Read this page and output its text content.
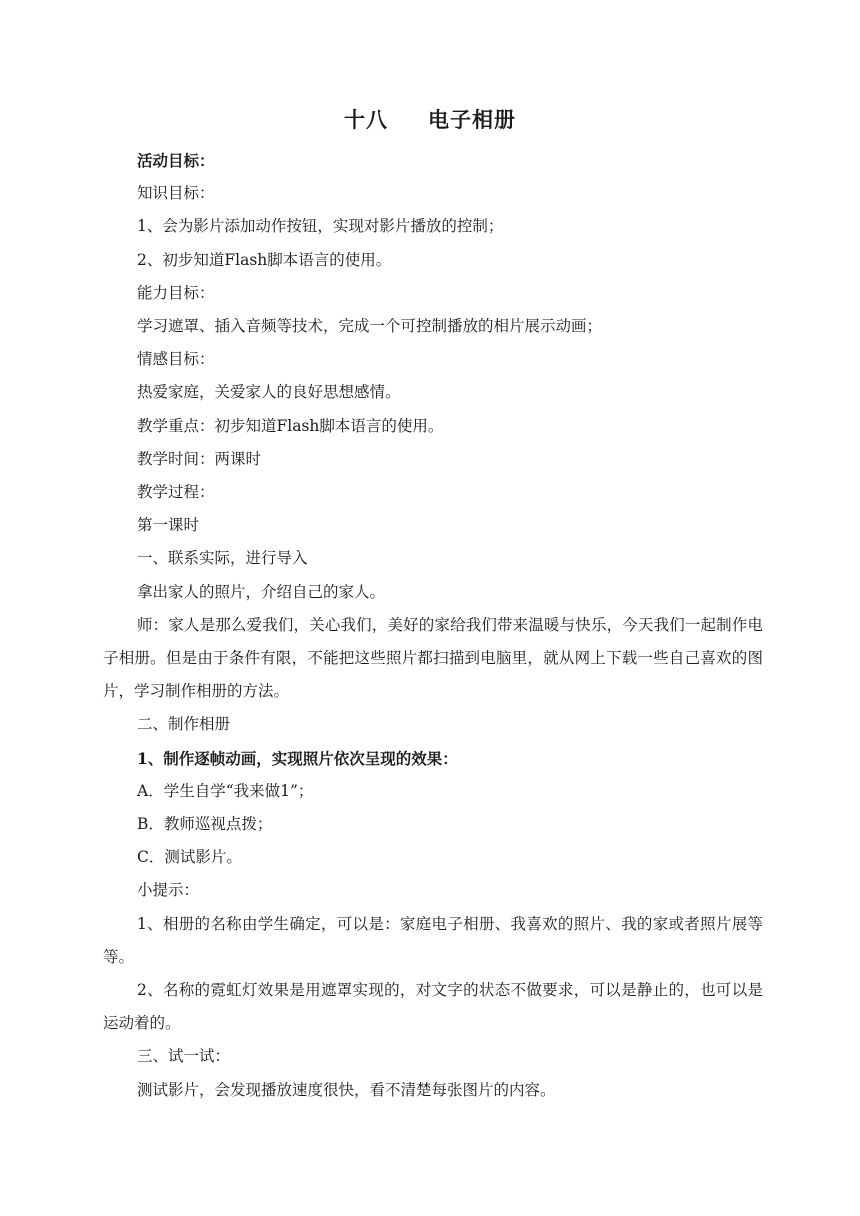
十八 电子相册

活动目标：

知识目标：

1、会为影片添加动作按钮，实现对影片播放的控制；

2、初步知道Flash脚本语言的使用。

能力目标：

学习遮罩、插入音频等技术，完成一个可控制播放的相片展示动画；

情感目标：

热爱家庭，关爱家人的良好思想感情。

教学重点：初步知道Flash脚本语言的使用。

教学时间：两课时

教学过程：

第一课时

一、联系实际，进行导入

拿出家人的照片，介绍自己的家人。

师：家人是那么爱我们，关心我们，美好的家给我们带来温暖与快乐，今天我们一起制作电子相册。但是由于条件有限，不能把这些照片都扫描到电脑里，就从网上下载一些自己喜欢的图片，学习制作相册的方法。

二、制作相册

1、制作逐帧动画，实现照片依次呈现的效果：

A．学生自学“我来做1”；

B．教师巡视点拨；

C．测试影片。

小提示：

1、相册的名称由学生确定，可以是：家庭电子相册、我喜欢的照片、我的家或者照片展等等。

2、名称的霓虹灯效果是用遮罩实现的，对文字的状态不做要求，可以是静止的，也可以是运动着的。

三、试一试：

测试影片，会发现播放速度很快，看不清楚每张图片的内容。
